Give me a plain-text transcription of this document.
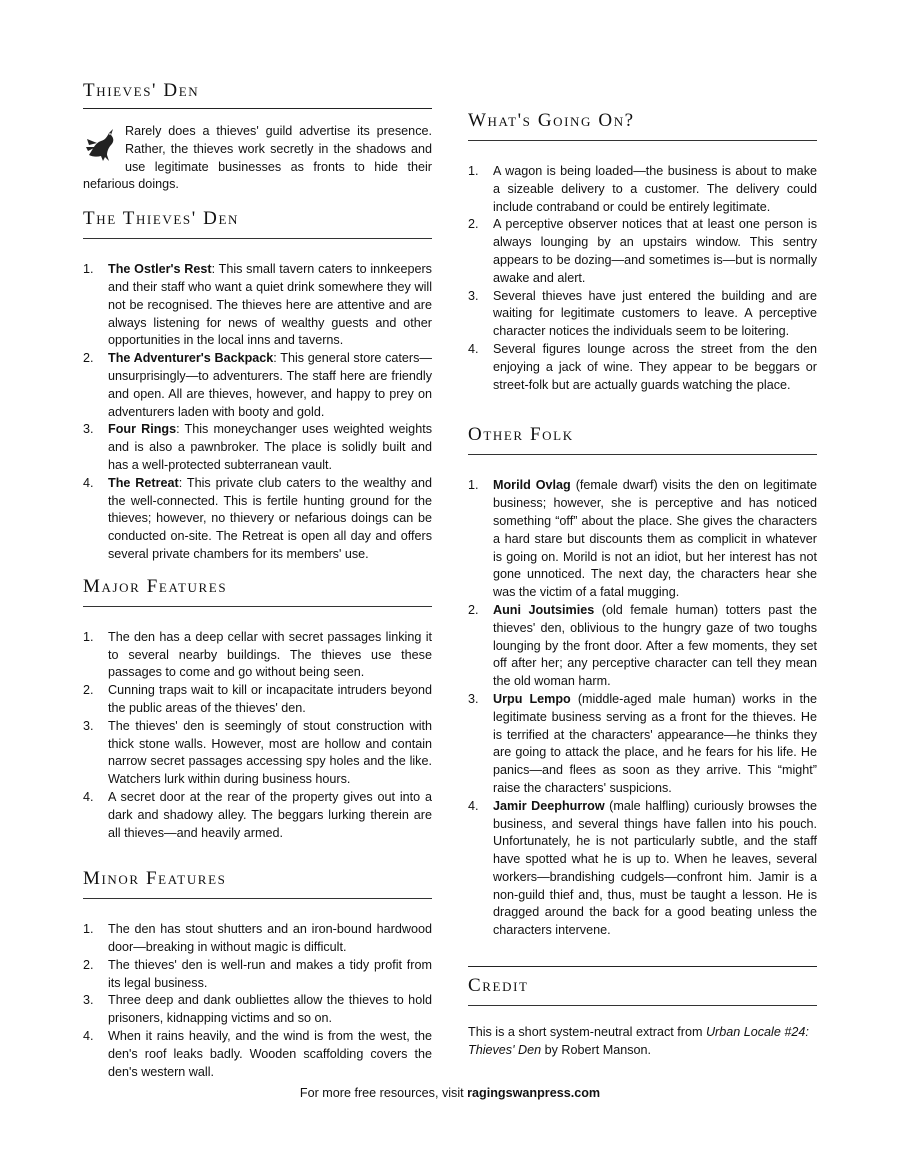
Thieves' Den

Rarely does a thieves' guild advertise its presence. Rather, the thieves work secretly in the shadows and use legitimate businesses as fronts to hide their nefarious doings.

The Thieves' Den
1. The Ostler's Rest: This small tavern caters to innkeepers and their staff who want a quiet drink somewhere they will not be recognised. The thieves here are attentive and are always listening for news of wealthy guests and other opportunities in the local inns and taverns.
2. The Adventurer's Backpack: This general store caters—unsurprisingly—to adventurers. The staff here are friendly and open. All are thieves, however, and happy to prey on adventurers laden with booty and gold.
3. Four Rings: This moneychanger uses weighted weights and is also a pawnbroker. The place is solidly built and has a well-protected subterranean vault.
4. The Retreat: This private club caters to the wealthy and the well-connected. This is fertile hunting ground for the thieves; however, no thievery or nefarious doings can be conducted on-site. The Retreat is open all day and offers several private chambers for its members' use.
Major Features
1. The den has a deep cellar with secret passages linking it to several nearby buildings. The thieves use these passages to come and go without being seen.
2. Cunning traps wait to kill or incapacitate intruders beyond the public areas of the thieves' den.
3. The thieves' den is seemingly of stout construction with thick stone walls. However, most are hollow and contain narrow secret passages accessing spy holes and the like. Watchers lurk within during business hours.
4. A secret door at the rear of the property gives out into a dark and shadowy alley. The beggars lurking therein are all thieves—and heavily armed.
Minor Features
1. The den has stout shutters and an iron-bound hardwood door—breaking in without magic is difficult.
2. The thieves' den is well-run and makes a tidy profit from its legal business.
3. Three deep and dank oubliettes allow the thieves to hold prisoners, kidnapping victims and so on.
4. When it rains heavily, and the wind is from the west, the den's roof leaks badly. Wooden scaffolding covers the den's western wall.
What's Going On?
1. A wagon is being loaded—the business is about to make a sizeable delivery to a customer. The delivery could include contraband or could be entirely legitimate.
2. A perceptive observer notices that at least one person is always lounging by an upstairs window. This sentry appears to be dozing—and sometimes is—but is normally awake and alert.
3. Several thieves have just entered the building and are waiting for legitimate customers to leave. A perceptive character notices the individuals seem to be loitering.
4. Several figures lounge across the street from the den enjoying a jack of wine. They appear to be beggars or street-folk but are actually guards watching the place.
Other Folk
1. Morild Ovlag (female dwarf) visits the den on legitimate business; however, she is perceptive and has noticed something “off” about the place. She gives the characters a hard stare but discounts them as complicit in whatever is going on. Morild is not an idiot, but her interest has not gone unnoticed. The next day, the characters hear she was the victim of a fatal mugging.
2. Auni Joutsimies (old female human) totters past the thieves' den, oblivious to the hungry gaze of two toughs lounging by the front door. After a few moments, they set off after her; any perceptive character can tell they mean the old woman harm.
3. Urpu Lempo (middle-aged male human) works in the legitimate business serving as a front for the thieves. He is terrified at the characters' appearance—he thinks they are going to attack the place, and he fears for his life. He panics—and flees as soon as they arrive. This “might” raise the characters' suspicions.
4. Jamir Deephurrow (male halfling) curiously browses the business, and several things have fallen into his pouch. Unfortunately, he is not particularly subtle, and the staff have spotted what he is up to. When he leaves, several workers—brandishing cudgels—confront him. Jamir is a non-guild thief and, thus, must be taught a lesson. He is dragged around the back for a good beating unless the characters intervene.
Credit

This is a short system-neutral extract from Urban Locale #24: Thieves' Den by Robert Manson.

For more free resources, visit ragingswanpress.com
